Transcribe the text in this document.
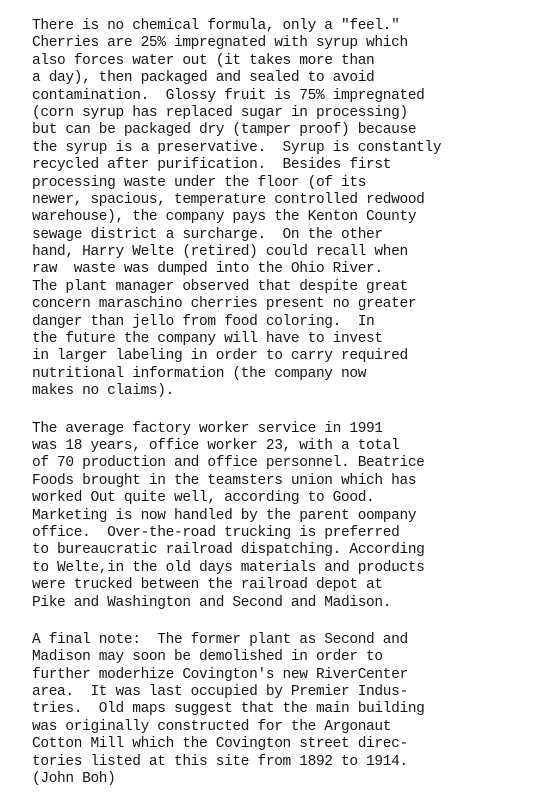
There is no chemical formula, only a "feel."
Cherries are 25% impregnated with syrup which
also forces water out (it takes more than
a day), then packaged and sealed to avoid
contamination.  Glossy fruit is 75% impregnated
(corn syrup has replaced sugar in processing)
but can be packaged dry (tamper proof) because
the syrup is a preservative.  Syrup is constantly
recycled after purification.  Besides first
processing waste under the floor (of its
newer, spacious, temperature controlled redwood
warehouse), the company pays the Kenton County
sewage district a surcharge.  On the other
hand, Harry Welte (retired) could recall when
raw  waste was dumped into the Ohio River.
The plant manager observed that despite great
concern maraschino cherries present no greater
danger than jello from food coloring.  In
the future the company will have to invest
in larger labeling in order to carry required
nutritional information (the company now
makes no claims).
The average factory worker service in 1991
was 18 years, office worker 23, with a total
of 70 production and office personnel. Beatrice
Foods brought in the teamsters union which has
worked Out quite well, according to Good.
Marketing is now handled by the parent oompany
office.  Over-the-road trucking is preferred
to bureaucratic railroad dispatching. According
to Welte,in the old days materials and products
were trucked between the railroad depot at
Pike and Washington and Second and Madison.
A final note:  The former plant as Second and
Madison may soon be demolished in order to
further moderhize Covington's new RiverCenter
area.  It was last occupied by Premier Indus-
tries.  Old maps suggest that the main building
was originally constructed for the Argonaut
Cotton Mill which the Covington street direc-
tories listed at this site from 1892 to 1914.
(John Boh)
